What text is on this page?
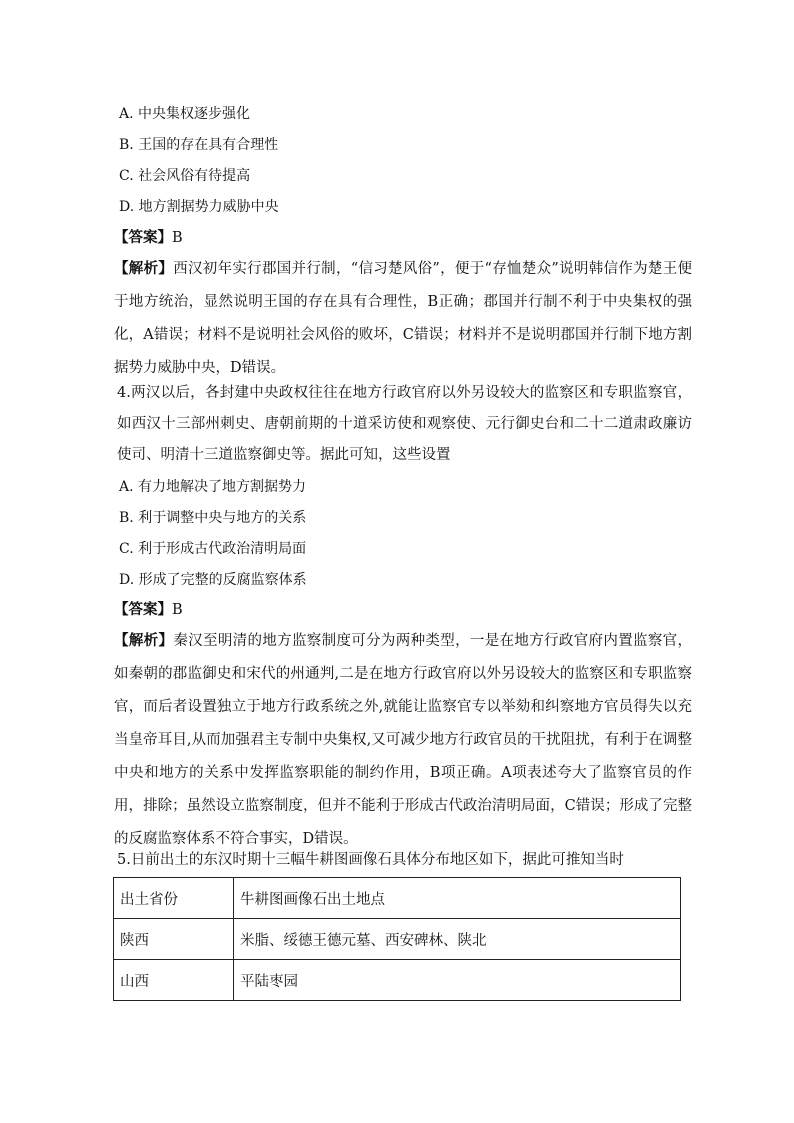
A. 中央集权逐步强化
B. 王国的存在具有合理性
C. 社会风俗有待提高
D. 地方割据势力威胁中央
【答案】B
【解析】西汉初年实行郡国并行制，“信习楚风俗”，便于“存恤楚众”说明韩信作为楚王便于地方统治，显然说明王国的存在具有合理性，B正确；郡国并行制不利于中央集权的强化，A错误；材料不是说明社会风俗的败坏，C错误；材料并不是说明郡国并行制下地方割据势力威胁中央，D错误。
4.两汉以后，各封建中央政权往往在地方行政官府以外另设较大的监察区和专职监察官，如西汉十三部州刺史、唐朝前期的十道采访使和观察使、元行御史台和二十二道肃政廉访使司、明清十三道监察御史等。据此可知，这些设置
A. 有力地解决了地方割据势力
B. 利于调整中央与地方的关系
C. 利于形成古代政治清明局面
D. 形成了完整的反腐监察体系
【答案】B
【解析】秦汉至明清的地方监察制度可分为两种类型，一是在地方行政官府内置监察官，如秦朝的郡监御史和宋代的州通判,二是在地方行政官府以外另设较大的监察区和专职监察官，而后者设置独立于地方行政系统之外,就能让监察官专以举劾和纠察地方官员得失以充当皇帝耳目,从而加强君主专制中央集权,又可减少地方行政官员的干扰阻扰，有利于在调整中央和地方的关系中发挥监察职能的制约作用，B项正确。A项表述夸大了监察官员的作用，排除；虽然设立监察制度，但并不能利于形成古代政治清明局面，C错误；形成了完整的反腐监察体系不符合事实，D错误。
5.日前出土的东汉时期十三幅牛耕图画像石具体分布地区如下，据此可推知当时
出土省份	牛耕图画像石出土地点
陕西	米脂、绥德王德元墓、西安碑林、陕北
山西	平陆枣园
